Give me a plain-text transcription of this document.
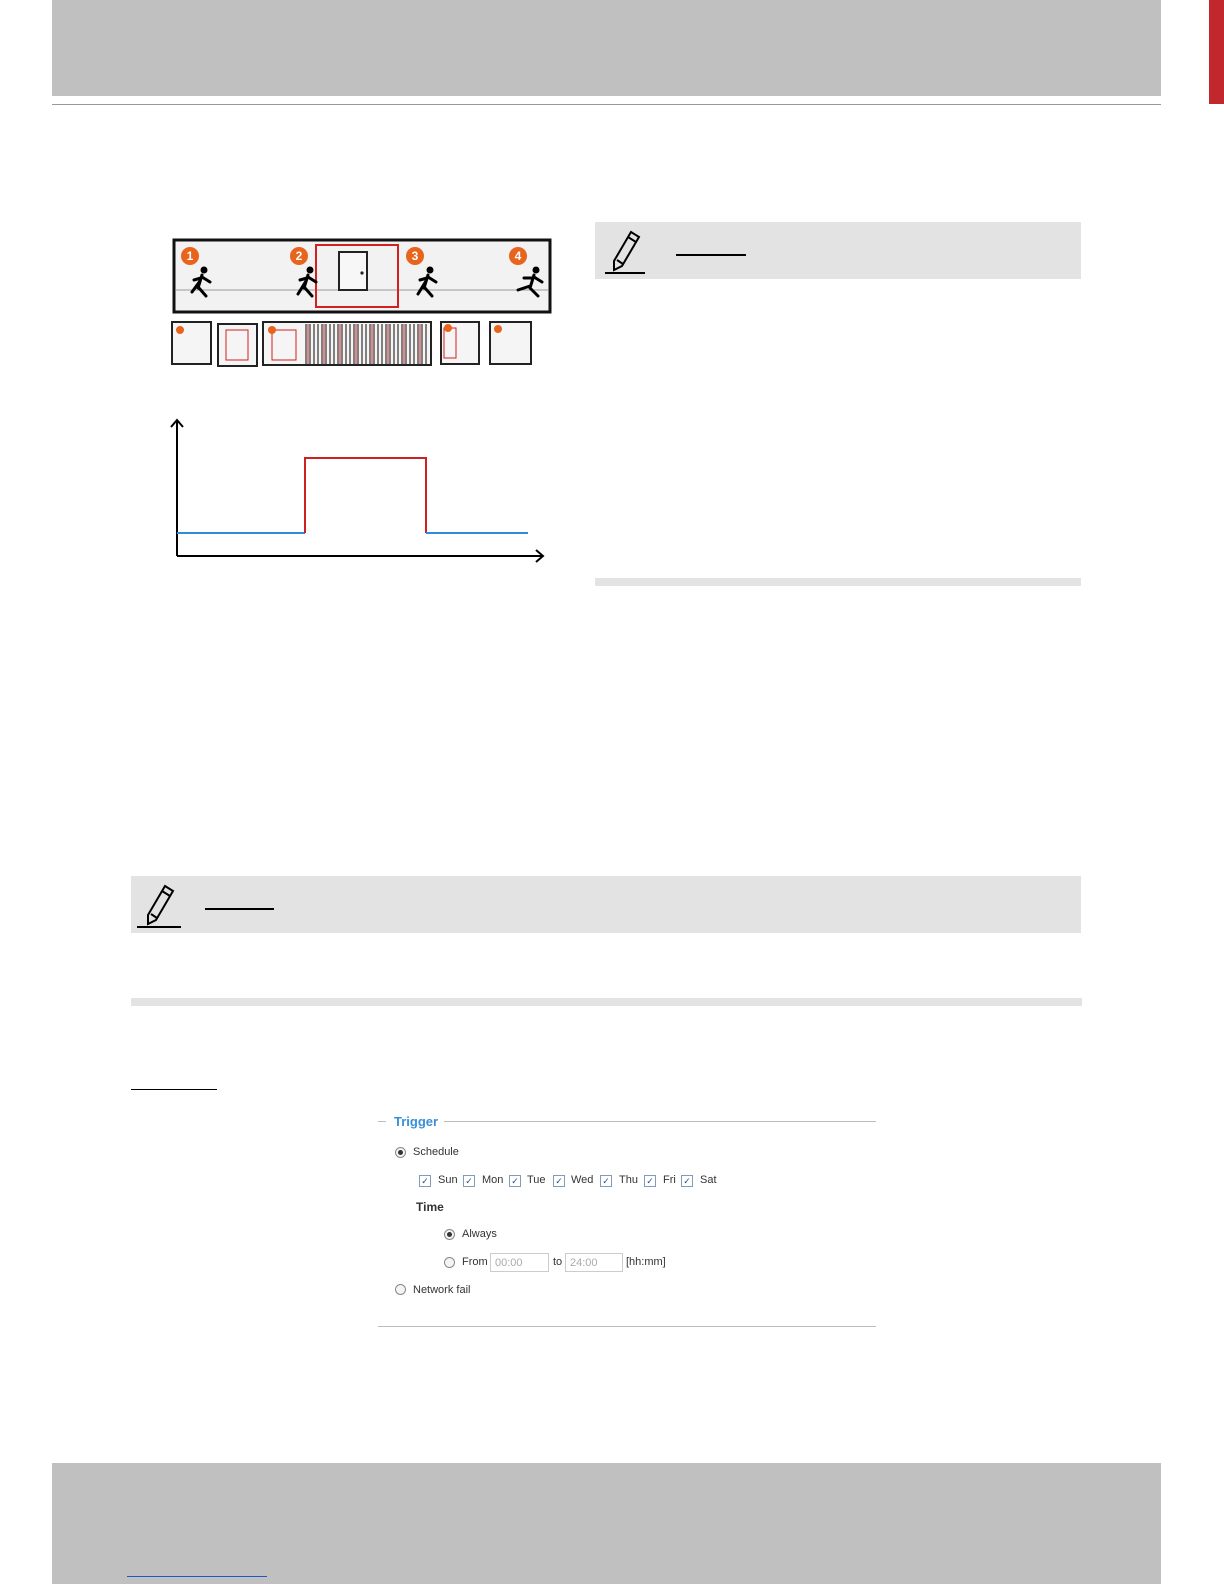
1	2	3	4
Trigger
Schedule
✓ Sun ✓ Mon ✓ Tue ✓ Wed ✓ Thu ✓ Fri ✓ Sat
Time
Always
From 00:00	to 24:00	[hh:mm]
Network fail
